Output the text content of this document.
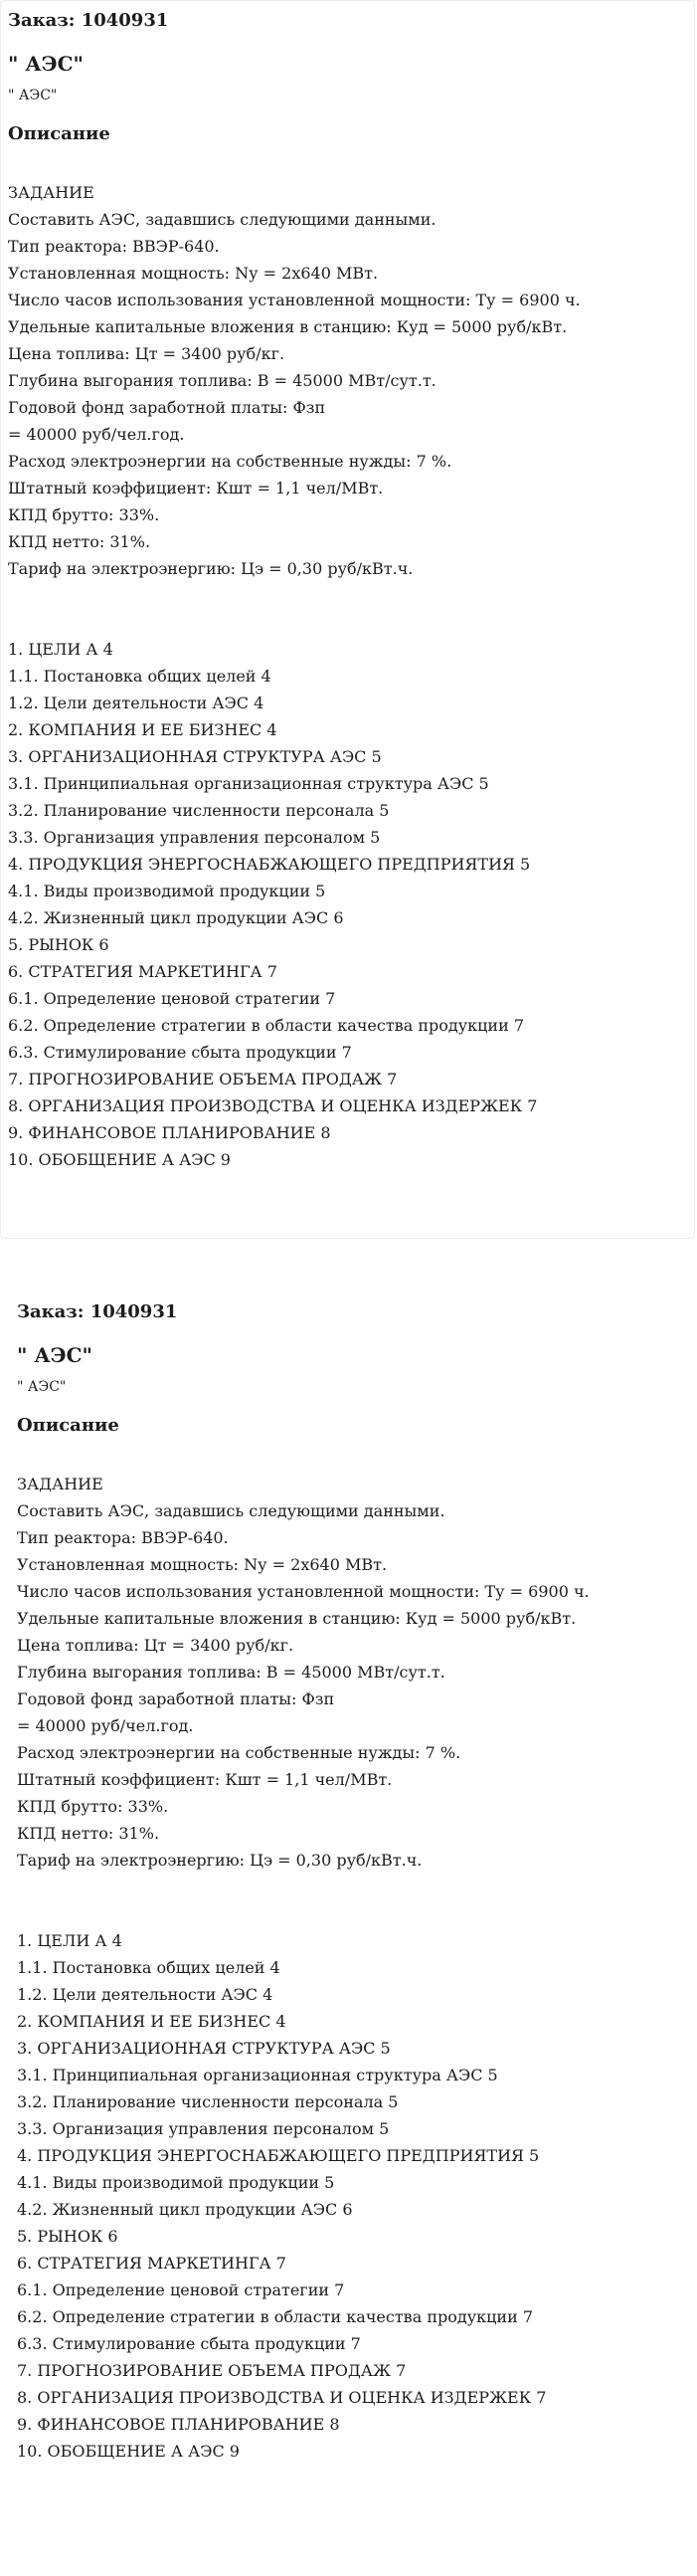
Заказ: 1040931

" АЭС"

" АЭС"

Описание
ЗАДАНИЕ
Составить АЭС, задавшись следующими данными.
Тип реактора: ВВЭР-640.
Установленная мощность: Nу = 2х640 МВт.
Число часов использования установленной мощности: Ту = 6900 ч.
Удельные капитальные вложения в станцию: Куд = 5000 руб/кВт.
Цена топлива: Цт = 3400 руб/кг.
Глубина выгорания топлива: В = 45000 МВт/сут.т.
Годовой фонд заработной платы: Фзп
= 40000 руб/чел.год.
Расход электроэнергии на собственные нужды: 7 %.
Штатный коэффициент: Кшт = 1,1 чел/МВт.
КПД брутто: 33%.
КПД нетто: 31%.
Тариф на электроэнергию: Цэ = 0,30 руб/кВт.ч.
1. ЦЕЛИ А 4
1.1. Постановка общих целей 4
1.2. Цели деятельности АЭС 4
2. КОМПАНИЯ И ЕЕ БИЗНЕС 4
3. ОРГАНИЗАЦИОННАЯ СТРУКТУРА АЭС 5
3.1. Принципиальная организационная структура АЭС 5
3.2. Планирование численности персонала 5
3.3. Организация управления персоналом 5
4. ПРОДУКЦИЯ ЭНЕРГОСНАБЖАЮЩЕГО ПРЕДПРИЯТИЯ 5
4.1. Виды производимой продукции 5
4.2. Жизненный цикл продукции АЭС 6
5. РЫНОК 6
6. СТРАТЕГИЯ МАРКЕТИНГА 7
6.1. Определение ценовой стратегии 7
6.2. Определение стратегии в области качества продукции 7
6.3. Стимулирование сбыта продукции 7
7. ПРОГНОЗИРОВАНИЕ ОБЪЕМА ПРОДАЖ 7
8. ОРГАНИЗАЦИЯ ПРОИЗВОДСТВА И ОЦЕНКА ИЗДЕРЖЕК 7
9. ФИНАНСОВОЕ ПЛАНИРОВАНИЕ 8
10. ОБОБЩЕНИЕ А АЭС 9

Заказ: 1040931

" АЭС"

" АЭС"

Описание
ЗАДАНИЕ
Составить АЭС, задавшись следующими данными.
Тип реактора: ВВЭР-640.
Установленная мощность: Nу = 2х640 МВт.
Число часов использования установленной мощности: Ту = 6900 ч.
Удельные капитальные вложения в станцию: Куд = 5000 руб/кВт.
Цена топлива: Цт = 3400 руб/кг.
Глубина выгорания топлива: В = 45000 МВт/сут.т.
Годовой фонд заработной платы: Фзп
= 40000 руб/чел.год.
Расход электроэнергии на собственные нужды: 7 %.
Штатный коэффициент: Кшт = 1,1 чел/МВт.
КПД брутто: 33%.
КПД нетто: 31%.
Тариф на электроэнергию: Цэ = 0,30 руб/кВт.ч.
1. ЦЕЛИ А 4
1.1. Постановка общих целей 4
1.2. Цели деятельности АЭС 4
2. КОМПАНИЯ И ЕЕ БИЗНЕС 4
3. ОРГАНИЗАЦИОННАЯ СТРУКТУРА АЭС 5
3.1. Принципиальная организационная структура АЭС 5
3.2. Планирование численности персонала 5
3.3. Организация управления персоналом 5
4. ПРОДУКЦИЯ ЭНЕРГОСНАБЖАЮЩЕГО ПРЕДПРИЯТИЯ 5
4.1. Виды производимой продукции 5
4.2. Жизненный цикл продукции АЭС 6
5. РЫНОК 6
6. СТРАТЕГИЯ МАРКЕТИНГА 7
6.1. Определение ценовой стратегии 7
6.2. Определение стратегии в области качества продукции 7
6.3. Стимулирование сбыта продукции 7
7. ПРОГНОЗИРОВАНИЕ ОБЪЕМА ПРОДАЖ 7
8. ОРГАНИЗАЦИЯ ПРОИЗВОДСТВА И ОЦЕНКА ИЗДЕРЖЕК 7
9. ФИНАНСОВОЕ ПЛАНИРОВАНИЕ 8
10. ОБОБЩЕНИЕ А АЭС 9
